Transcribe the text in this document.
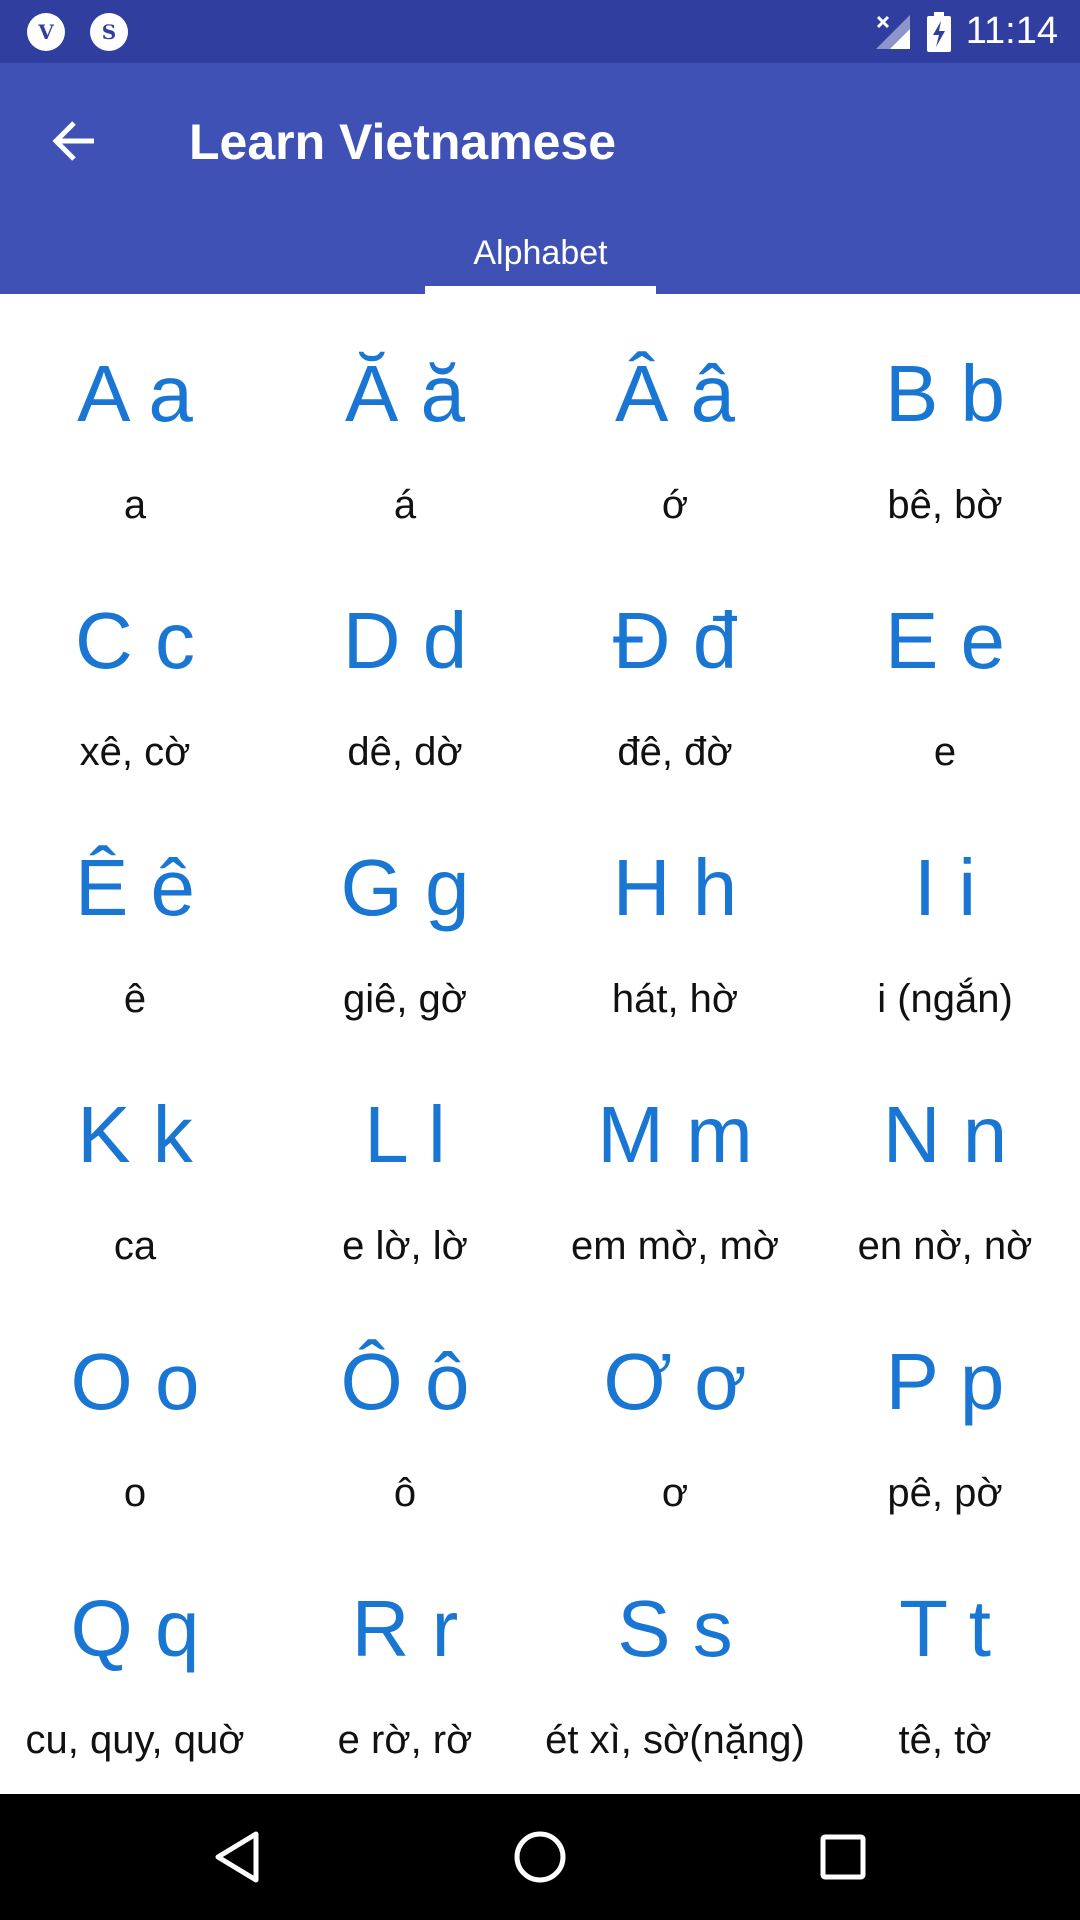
V	S	11:14
Learn Vietnamese
Alphabet
A a
a
Ă ă
á
Â â
ớ
B b
bê, bờ
C c
xê, cờ
D d
dê, dờ
Đ đ
đê, đờ
E e
e
Ê ê
ê
G g
giê, gờ
H h
hát, hờ
I i
i (ngắn)
K k
ca
L l
e lờ, lờ
M m
em mờ, mờ
N n
en nờ, nờ
O o
o
Ô ô
ô
Ơ ơ
ơ
P p
pê, pờ
Q q
cu, quy, quờ
R r
e rờ, rờ
S s
ét xì, sờ(nặng)
T t
tê, tờ
